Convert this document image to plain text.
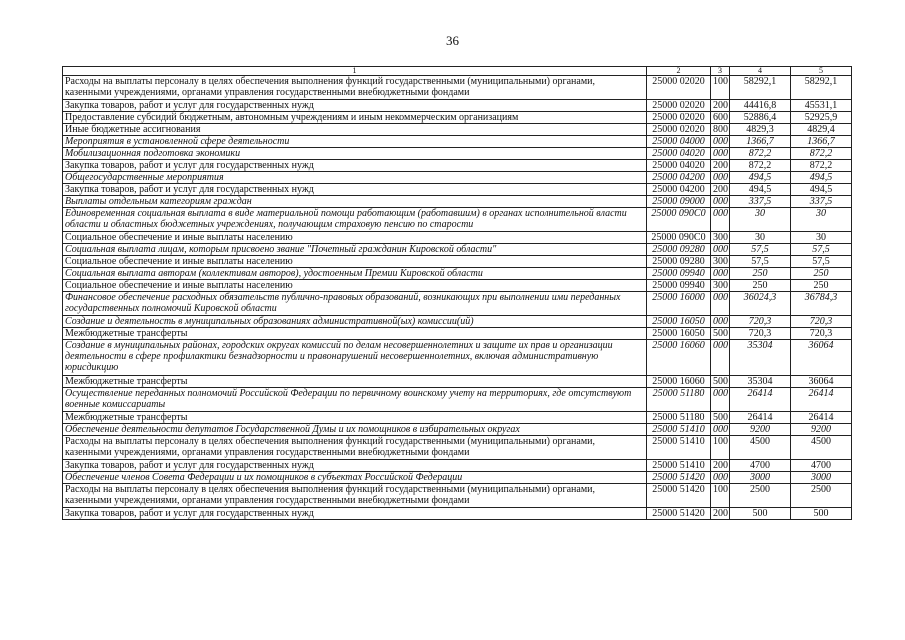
36
1	2	3	4	5
Расходы на выплаты персоналу в целях обеспечения выполнения функций государственными (муниципальными) органами, казенными учреждениями, органами управления государственными внебюджетными фондами	25000 02020	100	58292,1	58292,1
Закупка товаров, работ и услуг для государственных нужд	25000 02020	200	44416,8	45531,1
Предоставление субсидий бюджетным, автономным учреждениям и иным некоммерческим организациям	25000 02020	600	52886,4	52925,9
Иные бюджетные ассигнования	25000 02020	800	4829,3	4829,4
Мероприятия в установленной сфере деятельности	25000 04000	000	1366,7	1366,7
Мобилизационная подготовка экономики	25000 04020	000	872,2	872,2
Закупка товаров, работ и услуг для государственных нужд	25000 04020	200	872,2	872,2
Общегосударственные мероприятия	25000 04200	000	494,5	494,5
Закупка товаров, работ и услуг для государственных нужд	25000 04200	200	494,5	494,5
Выплаты отдельным категориям граждан	25000 09000	000	337,5	337,5
Единовременная социальная выплата в виде материальной помощи работающим (работавшим) в органах исполнительной власти области и областных бюджетных учреждениях, получающим страховую пенсию по старости	25000 090С0	000	30	30
Социальное обеспечение и иные выплаты населению	25000 090С0	300	30	30
Социальная выплата лицам, которым присвоено звание "Почетный гражданин Кировской области"	25000 09280	000	57,5	57,5
Социальное обеспечение и иные выплаты населению	25000 09280	300	57,5	57,5
Социальная выплата авторам (коллективам авторов), удостоенным Премии Кировской области	25000 09940	000	250	250
Социальное обеспечение и иные выплаты населению	25000 09940	300	250	250
Финансовое обеспечение расходных обязательств публично-правовых образований, возникающих при выполнении ими переданных государственных полномочий Кировской области	25000 16000	000	36024,3	36784,3
Создание и деятельность в муниципальных образованиях административной(ых) комиссии(ий)	25000 16050	000	720,3	720,3
Межбюджетные трансферты	25000 16050	500	720,3	720,3
Создание в муниципальных районах, городских округах комиссий по делам несовершеннолетних и защите их прав и организации деятельности в сфере профилактики безнадзорности и правонарушений несовершеннолетних, включая административную юрисдикцию	25000 16060	000	35304	36064
Межбюджетные трансферты	25000 16060	500	35304	36064
Осуществление переданных полномочий Российской Федерации по первичному воинскому учету на территориях, где отсутствуют военные комиссариаты	25000 51180	000	26414	26414
Межбюджетные трансферты	25000 51180	500	26414	26414
Обеспечение деятельности депутатов Государственной Думы и их помощников в избирательных округах	25000 51410	000	9200	9200
Расходы на выплаты персоналу в целях обеспечения выполнения функций государственными (муниципальными) органами, казенными учреждениями, органами управления государственными внебюджетными фондами	25000 51410	100	4500	4500
Закупка товаров, работ и услуг для государственных нужд	25000 51410	200	4700	4700
Обеспечение членов Совета Федерации и их помощников в субъектах Российской Федерации	25000 51420	000	3000	3000
Расходы на выплаты персоналу в целях обеспечения выполнения функций государственными (муниципальными) органами, казенными учреждениями, органами управления государственными внебюджетными фондами	25000 51420	100	2500	2500
Закупка товаров, работ и услуг для государственных нужд	25000 51420	200	500	500
